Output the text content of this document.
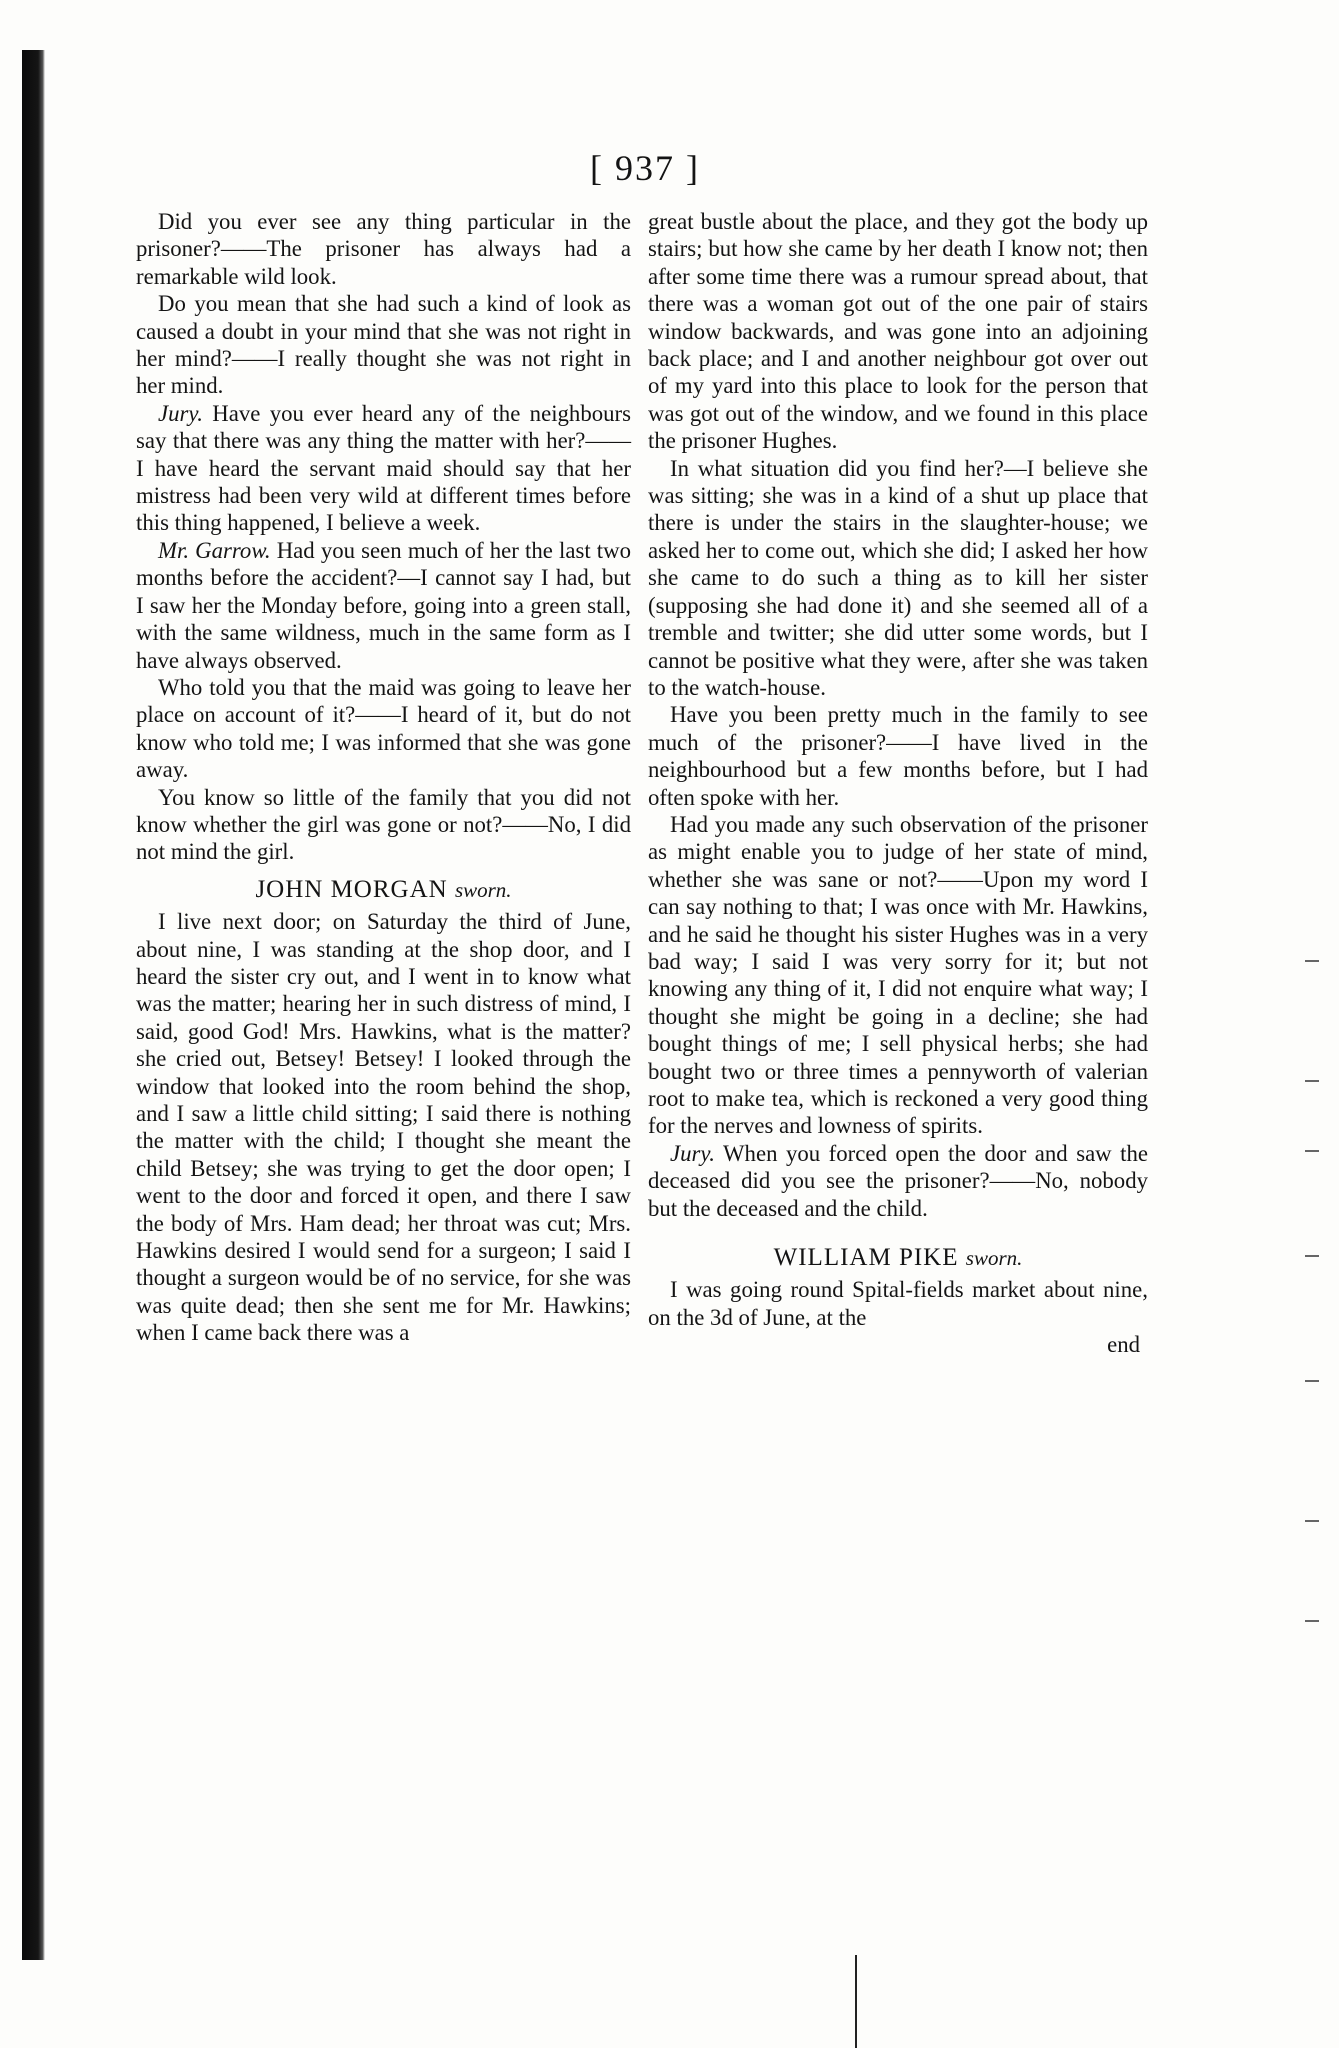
[ 937 ]

Did you ever see any thing particular in the prisoner?——The prisoner has always had a remarkable wild look.

Do you mean that she had such a kind of look as caused a doubt in your mind that she was not right in her mind?——I really thought she was not right in her mind.

Jury. Have you ever heard any of the neighbours say that there was any thing the matter with her?——I have heard the servant maid should say that her mistress had been very wild at different times before this thing happened, I believe a week.

Mr. Garrow. Had you seen much of her the last two months before the accident?—I cannot say I had, but I saw her the Monday before, going into a green stall, with the same wildness, much in the same form as I have always observed.

Who told you that the maid was going to leave her place on account of it?——I heard of it, but do not know who told me; I was informed that she was gone away.

You know so little of the family that you did not know whether the girl was gone or not?——No, I did not mind the girl.

JOHN MORGAN sworn.

I live next door; on Saturday the third of June, about nine, I was standing at the shop door, and I heard the sister cry out, and I went in to know what was the matter; hearing her in such distress of mind, I said, good God! Mrs. Hawkins, what is the matter? she cried out, Betsey! Betsey! I looked through the window that looked into the room behind the shop, and I saw a little child sitting; I said there is nothing the matter with the child; I thought she meant the child Betsey; she was trying to get the door open; I went to the door and forced it open, and there I saw the body of Mrs. Ham dead; her throat was cut; Mrs. Hawkins desired I would send for a surgeon; I said I thought a surgeon would be of no service, for she was was quite dead; then she sent me for Mr. Hawkins; when I came back there was a

great bustle about the place, and they got the body up stairs; but how she came by her death I know not; then after some time there was a rumour spread about, that there was a woman got out of the one pair of stairs window backwards, and was gone into an adjoining back place; and I and another neighbour got over out of my yard into this place to look for the person that was got out of the window, and we found in this place the prisoner Hughes.

In what situation did you find her?—I believe she was sitting; she was in a kind of a shut up place that there is under the stairs in the slaughter-house; we asked her to come out, which she did; I asked her how she came to do such a thing as to kill her sister (supposing she had done it) and she seemed all of a tremble and twitter; she did utter some words, but I cannot be positive what they were, after she was taken to the watch-house.

Have you been pretty much in the family to see much of the prisoner?——I have lived in the neighbourhood but a few months before, but I had often spoke with her.

Had you made any such observation of the prisoner as might enable you to judge of her state of mind, whether she was sane or not?——Upon my word I can say nothing to that; I was once with Mr. Hawkins, and he said he thought his sister Hughes was in a very bad way; I said I was very sorry for it; but not knowing any thing of it, I did not enquire what way; I thought she might be going in a decline; she had bought things of me; I sell physical herbs; she had bought two or three times a pennyworth of valerian root to make tea, which is reckoned a very good thing for the nerves and lowness of spirits.

Jury. When you forced open the door and saw the deceased did you see the prisoner?——No, nobody but the deceased and the child.

WILLIAM PIKE sworn.

I was going round Spital-fields market about nine, on the 3d of June, at the

end
